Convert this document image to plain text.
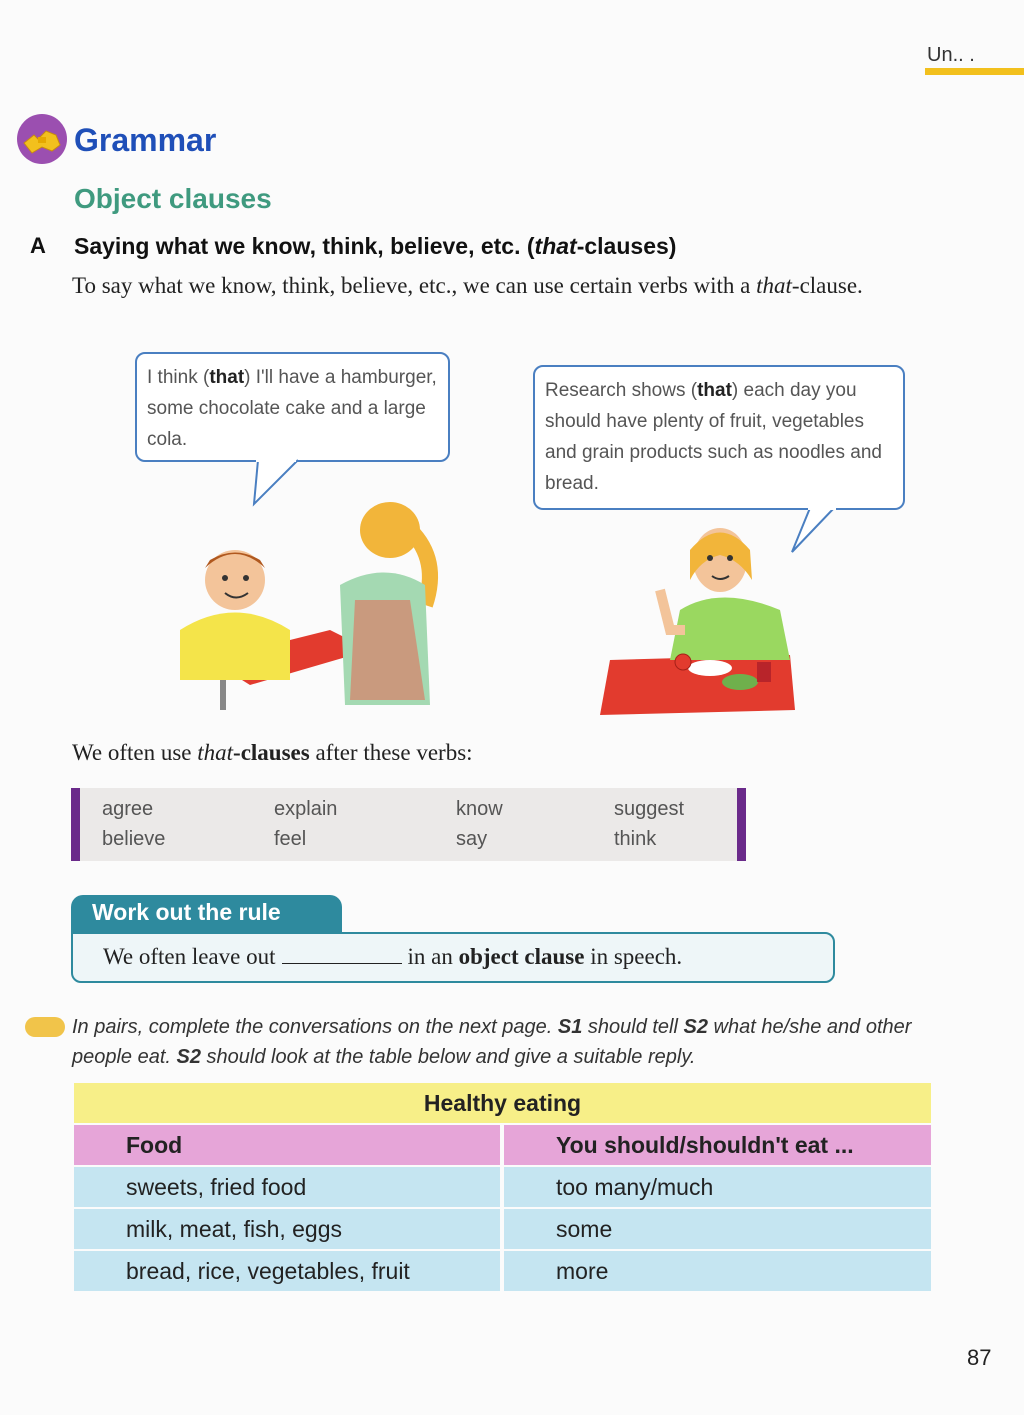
Un.. .
Grammar
Object clauses
A Saying what we know, think, believe, etc. (that-clauses)
To say what we know, think, believe, etc., we can use certain verbs with a that-clause.
I think (that) I'll have a hamburger, some chocolate cake and a large cola.
Research shows (that) each day you should have plenty of fruit, vegetables and grain products such as noodles and bread.
We often use that-clauses after these verbs:
agree	explain	know	suggest
believe	feel	say	think
Work out the rule
We often leave out	in an object clause in speech.
In pairs, complete the conversations on the next page. S1 should tell S2 what he/she and other people eat. S2 should look at the table below and give a suitable reply.
Healthy eating	
Food	You should/shouldn't eat ...
sweets, fried food	too many/much
milk, meat, fish, eggs	some
bread, rice, vegetables, fruit	more
87
